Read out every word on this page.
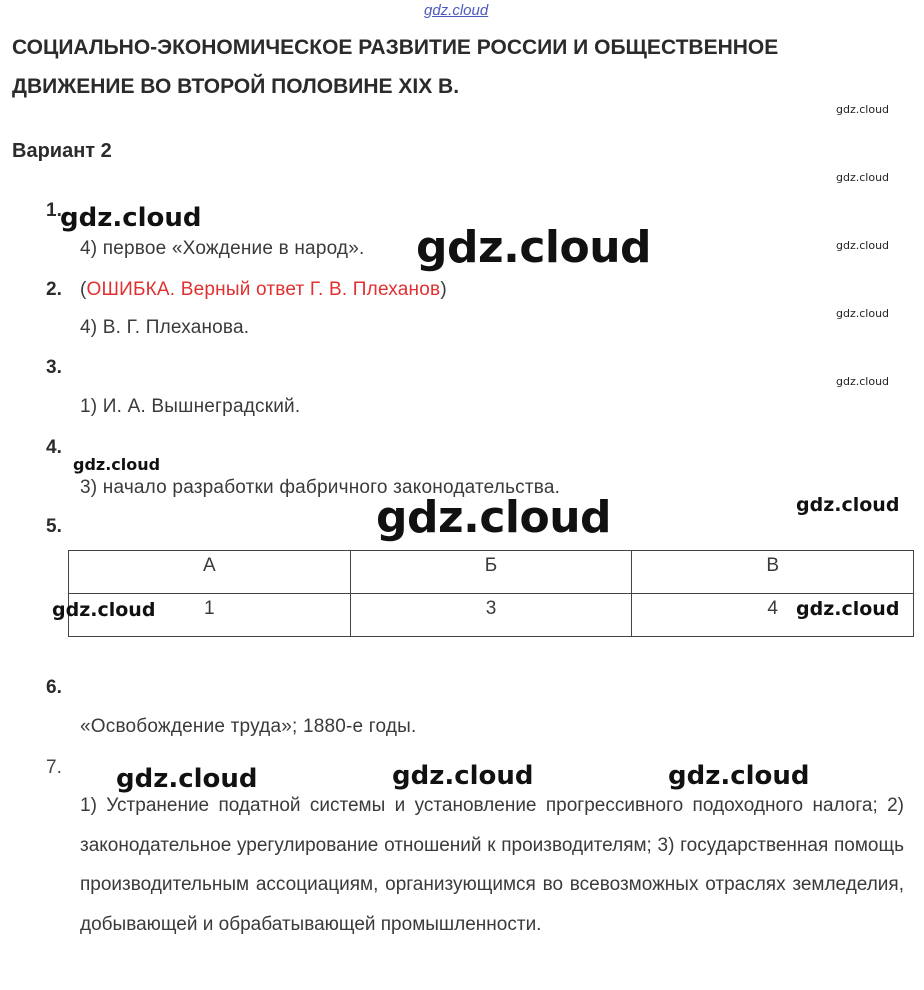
gdz.cloud
СОЦИАЛЬНО-ЭКОНОМИЧЕСКОЕ РАЗВИТИЕ РОССИИ И ОБЩЕСТВЕННОЕ
ДВИЖЕНИЕ ВО ВТОРОЙ ПОЛОВИНЕ XIX В.
Вариант 2
gdz.cloud
gdz.cloud
gdz.cloud
gdz.cloud
gdz.cloud
1.
4) первое «Хождение в народ».
gdz.cloud
gdz.cloud
2. (ОШИБКА. Верный ответ Г. В. Плеханов)
4) В. Г. Плеханова.
3.
1) И. А. Вышнеградский.
4.
gdz.cloud
3) начало разработки фабричного законодательства.
5.	gdz.cloud	gdz.cloud
А	Б	В
1	3	4
gdz.cloud	gdz.cloud
6.
«Освобождение труда»; 1880-е годы.
7.
1) Устранение податной системы и установление прогрессивного подоходного налога; 2) законодательное урегулирование отношений к производителям; 3) государственная помощь производительным ассоциациям, организующимся во всевозможных отраслях земледелия, добывающей и обрабатывающей промышленности.
gdz.cloud	gdz.cloud	gdz.cloud
